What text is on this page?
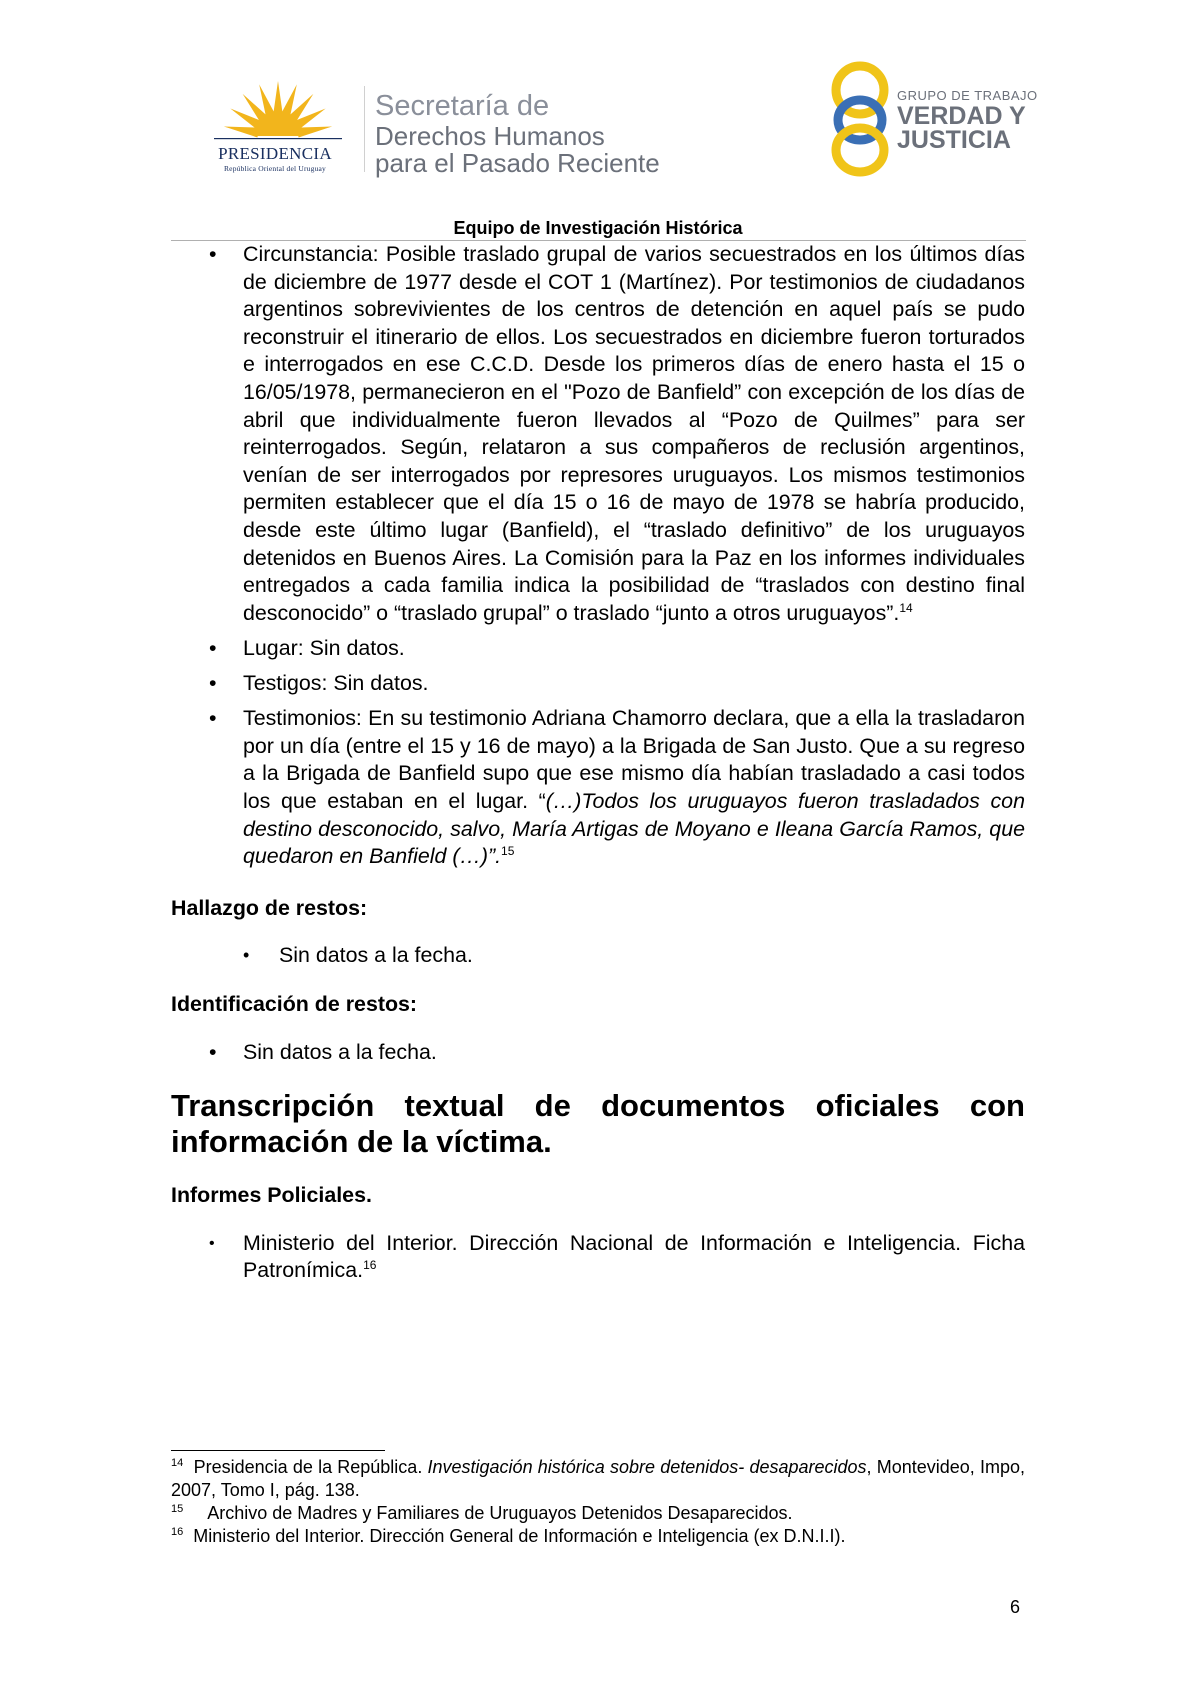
PRESIDENCIA
República Oriental del Uruguay
Secretaría de
Derechos Humanos
para el Pasado Reciente
GRUPO DE TRABAJO
VERDAD Y
JUSTICIA
Equipo de Investigación Histórica
• Circunstancia: Posible traslado grupal de varios secuestrados en los últimos días de diciembre de 1977 desde el COT 1 (Martínez). Por testimonios de ciudadanos argentinos sobrevivientes de los centros de detención en aquel país se pudo reconstruir el itinerario de ellos. Los secuestrados en diciembre fueron torturados e interrogados en ese C.C.D. Desde los primeros días de enero hasta el 15 o 16/05/1978, permanecieron en el "Pozo de Banfield” con excepción de los días de abril que individualmente fueron llevados al “Pozo de Quilmes” para ser reinterrogados. Según, relataron a sus compañeros de reclusión argentinos, venían de ser interrogados por represores uruguayos. Los mismos testimonios permiten establecer que el día 15 o 16 de mayo de 1978 se habría producido, desde este último lugar (Banfield), el “traslado definitivo” de los uruguayos detenidos en Buenos Aires. La Comisión para la Paz en los informes individuales entregados a cada familia indica la posibilidad de “traslados con destino final desconocido” o “traslado grupal” o traslado “junto a otros uruguayos”.$^{14}$
• Lugar: Sin datos.
• Testigos: Sin datos.
• Testimonios: En su testimonio Adriana Chamorro declara, que a ella la trasladaron por un día (entre el 15 y 16 de mayo) a la Brigada de San Justo. Que a su regreso a la Brigada de Banfield supo que ese mismo día habían trasladado a casi todos los que estaban en el lugar. “(…)Todos los uruguayos fueron trasladados con destino desconocido, salvo, María Artigas de Moyano e Ileana García Ramos, que quedaron en Banfield (…)”.$^{15}$
Hallazgo de restos:
• Sin datos a la fecha.
Identificación de restos:
• Sin datos a la fecha.
Transcripción textual de documentos oficiales con información de la víctima.
Informes Policiales.
• Ministerio del Interior. Dirección Nacional de Información e Inteligencia. Ficha Patronímica.$^{16}$
$^{14}$ Presidencia de la República. Investigación histórica sobre detenidos- desaparecidos, Montevideo, Impo, 2007, Tomo I, pág. 138.
$^{15}$ Archivo de Madres y Familiares de Uruguayos Detenidos Desaparecidos.
$^{16}$ Ministerio del Interior. Dirección General de Información e Inteligencia (ex D.N.I.I).
6
